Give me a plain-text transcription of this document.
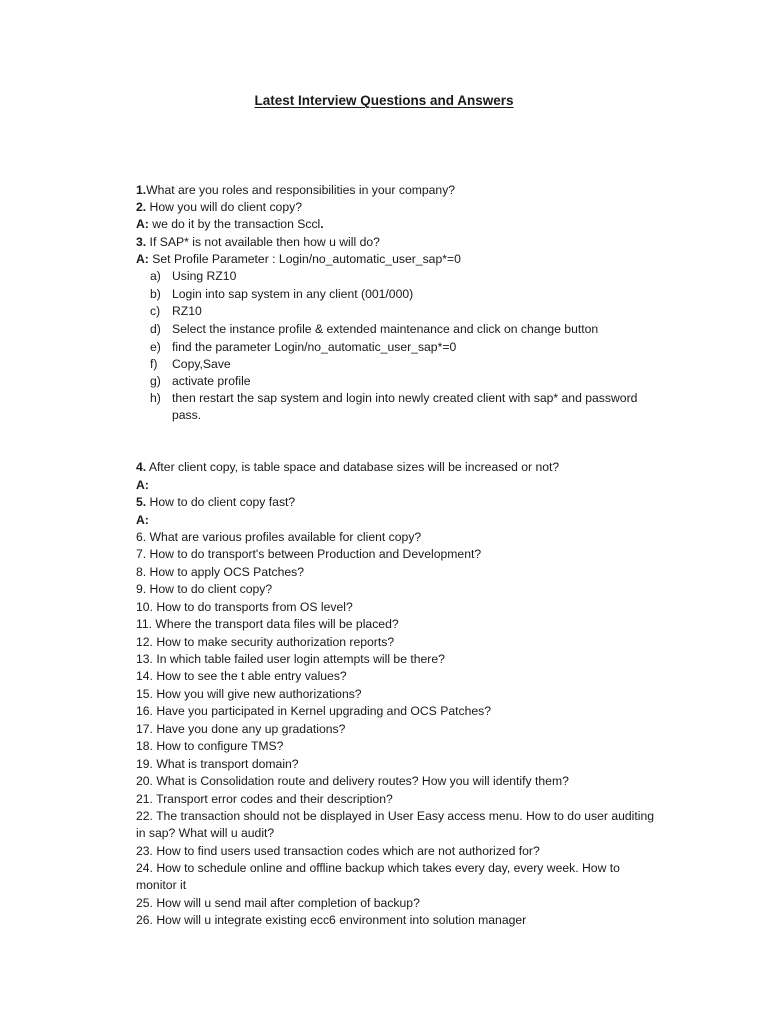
Latest Interview Questions and Answers
1.What are you roles and responsibilities in your company?
2. How you will do client copy?
A: we do it by the transaction Sccl.
3. If SAP* is not available then how u will do?
A: Set Profile Parameter : Login/no_automatic_user_sap*=0
a) Using RZ10
b) Login into sap system in any client (001/000)
c) RZ10
d) Select the instance profile & extended maintenance and click on change button
e) find the parameter Login/no_automatic_user_sap*=0
f) Copy,Save
g) activate profile
h) then restart the sap system and login into newly created client with sap* and password
pass.
4. After client copy, is table space and database sizes will be increased or not?
A:
5. How to do client copy fast?
A:
6. What are various profiles available for client copy?
7. How to do transport's between Production and Development?
8. How to apply OCS Patches?
9. How to do client copy?
10. How to do transports from OS level?
11. Where the transport data files will be placed?
12. How to make security authorization reports?
13. In which table failed user login attempts will be there?
14. How to see the t able entry values?
15. How you will give new authorizations?
16. Have you participated in Kernel upgrading and OCS Patches?
17. Have you done any up gradations?
18. How to configure TMS?
19. What is transport domain?
20. What is Consolidation route and delivery routes? How you will identify them?
21. Transport error codes and their description?
22. The transaction should not be displayed in User Easy access menu. How to do user auditing
in sap? What will u audit?
23. How to find users used transaction codes which are not authorized for?
24. How to schedule online and offline backup which takes every day, every week. How to
monitor it
25. How will u send mail after completion of backup?
26. How will u integrate existing ecc6 environment into solution manager
